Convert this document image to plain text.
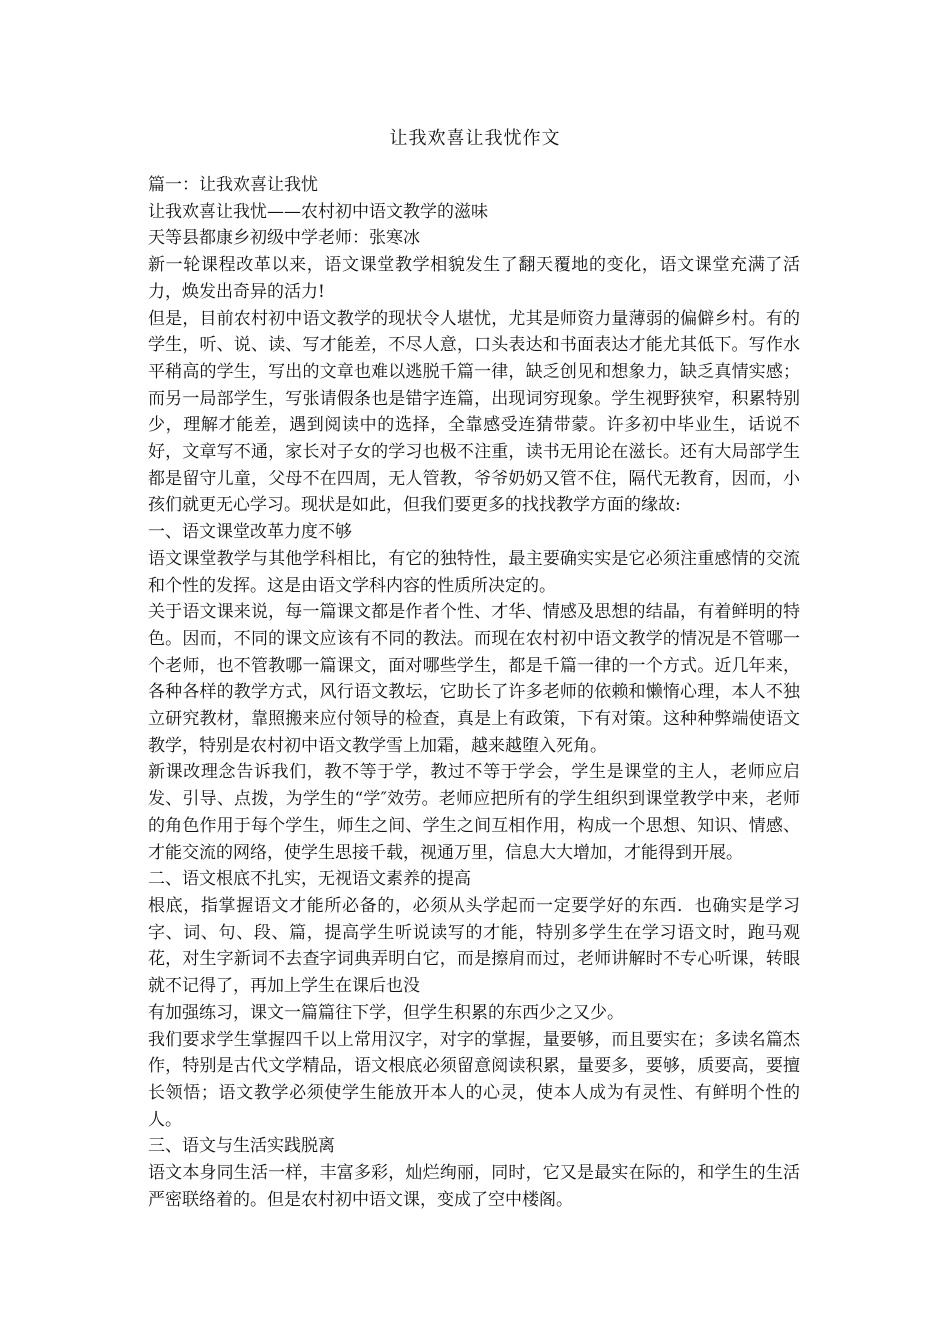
让我欢喜让我忧作文

篇一：让我欢喜让我忧

让我欢喜让我忧——农村初中语文教学的滋味

天等县都康乡初级中学老师：张寒冰

新一轮课程改革以来，语文课堂教学相貌发生了翻天覆地的变化，语文课堂充满了活力，焕发出奇异的活力!

但是，目前农村初中语文教学的现状令人堪忧，尤其是师资力量薄弱的偏僻乡村。有的学生，听、说、读、写才能差，不尽人意，口头表达和书面表达才能尤其低下。写作水平稍高的学生，写出的文章也难以逃脱千篇一律，缺乏创见和想象力，缺乏真情实感；而另一局部学生，写张请假条也是错字连篇，出现词穷现象。学生视野狭窄，积累特别少，理解才能差，遇到阅读中的选择，全靠感受连猜带蒙。许多初中毕业生，话说不好，文章写不通，家长对子女的学习也极不注重，读书无用论在滋长。还有大局部学生都是留守儿童，父母不在四周，无人管教，爷爷奶奶又管不住，隔代无教育，因而，小孩们就更无心学习。现状是如此，但我们要更多的找找教学方面的缘故:

一、语文课堂改革力度不够

语文课堂教学与其他学科相比，有它的独特性，最主要确实实是它必须注重感情的交流和个性的发挥。这是由语文学科内容的性质所决定的。

关于语文课来说，每一篇课文都是作者个性、才华、情感及思想的结晶，有着鲜明的特色。因而，不同的课文应该有不同的教法。而现在农村初中语文教学的情况是不管哪一个老师，也不管教哪一篇课文，面对哪些学生，都是千篇一律的一个方式。近几年来，各种各样的教学方式，风行语文教坛，它助长了许多老师的依赖和懒惰心理，本人不独立研究教材，靠照搬来应付领导的检查，真是上有政策，下有对策。这种种弊端使语文教学，特别是农村初中语文教学雪上加霜，越来越堕入死角。

新课改理念告诉我们，教不等于学，教过不等于学会，学生是课堂的主人，老师应启发、引导、点拨，为学生的“学″效劳。老师应把所有的学生组织到课堂教学中来，老师的角色作用于每个学生，师生之间、学生之间互相作用，构成一个思想、知识、情感、才能交流的网络，使学生思接千载，视通万里，信息大大增加，才能得到开展。

二、语文根底不扎实，无视语文素养的提高

根底，指掌握语文才能所必备的，必须从头学起而一定要学好的东西．也确实是学习字、词、句、段、篇，提高学生听说读写的才能，特别多学生在学习语文时，跑马观花，对生字新词不去查字词典弄明白它，而是擦肩而过，老师讲解时不专心听课，转眼就不记得了，再加上学生在课后也没

有加强练习，课文一篇篇往下学，但学生积累的东西少之又少。

我们要求学生掌握四千以上常用汉字，对字的掌握，量要够，而且要实在；多读名篇杰作，特别是古代文学精品，语文根底必须留意阅读积累，量要多，要够，质要高，要擅长领悟；语文教学必须使学生能放开本人的心灵，使本人成为有灵性、有鲜明个性的人。

三、语文与生活实践脱离

语文本身同生活一样，丰富多彩，灿烂绚丽，同时，它又是最实在际的，和学生的生活严密联络着的。但是农村初中语文课，变成了空中楼阁。
